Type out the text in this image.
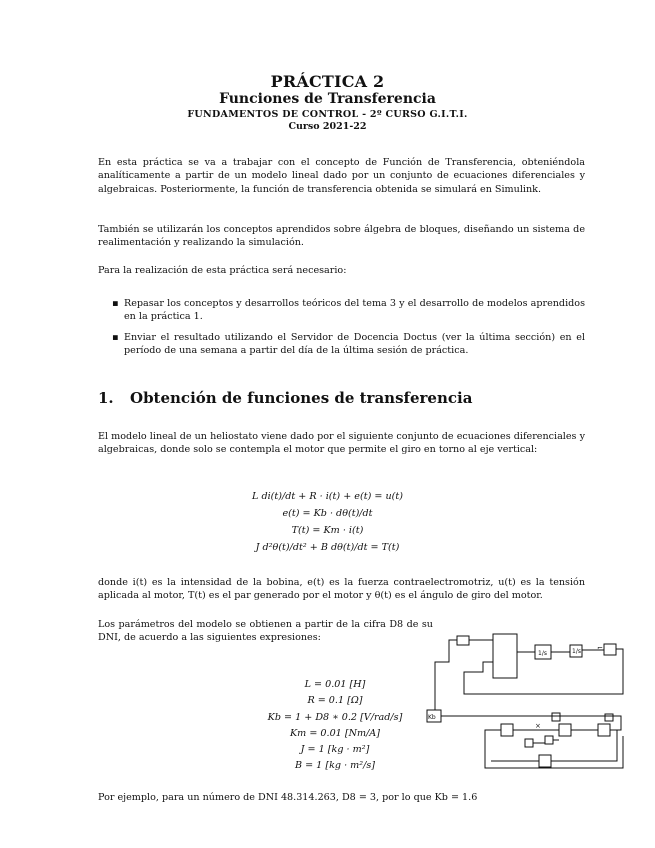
PRÁCTICA 2
Funciones de Transferencia
FUNDAMENTOS DE CONTROL - 2º CURSO G.I.T.I.
Curso 2021-22

En esta práctica se va a trabajar con el concepto de Función de Transferencia, obteniéndola analíticamente a partir de un modelo lineal dado por un conjunto de ecuaciones diferenciales y algebraicas. Posteriormente, la función de transferencia obtenida se simulará en Simulink.

También se utilizarán los conceptos aprendidos sobre álgebra de bloques, diseñando un sistema de realimentación y realizando la simulación.

Para la realización de esta práctica será necesario:

▪ Repasar los conceptos y desarrollos teóricos del tema 3 y el desarrollo de modelos aprendidos en la práctica 1.
▪ Enviar el resultado utilizando el Servidor de Docencia Doctus (ver la última sección) en el período de una semana a partir del día de la última sesión de práctica.
1. Obtención de funciones de transferencia

El modelo lineal de un heliostato viene dado por el siguiente conjunto de ecuaciones diferenciales y algebraicas, donde solo se contempla el motor que permite el giro en torno al eje vertical:

L di(t)/dt + R · i(t) + e(t) = u(t)
e(t) = Kb · dθ(t)/dt
T(t) = Km · i(t)
J d²θ(t)/dt² + B dθ(t)/dt = T(t)

donde i(t) es la intensidad de la bobina, e(t) es la fuerza contraelectromotriz, u(t) es la tensión aplicada al motor, T(t) es el par generado por el motor y θ(t) es el ángulo de giro del motor.

Los parámetros del modelo se obtienen a partir de la cifra D8 de su DNI, de acuerdo a las siguientes expresiones:

L = 0.01 [H]
R = 0.1 [Ω]
Kb = 1 + D8 ∗ 0.2 [V/rad/s]
Km = 0.01 [Nm/A]
J = 1 [kg · m²]
B = 1 [kg · m²/s]
1/s	1/s
Kb
⌐
×

Por ejemplo, para un número de DNI 48.314.263, D8 = 3, por lo que Kb = 1.6
